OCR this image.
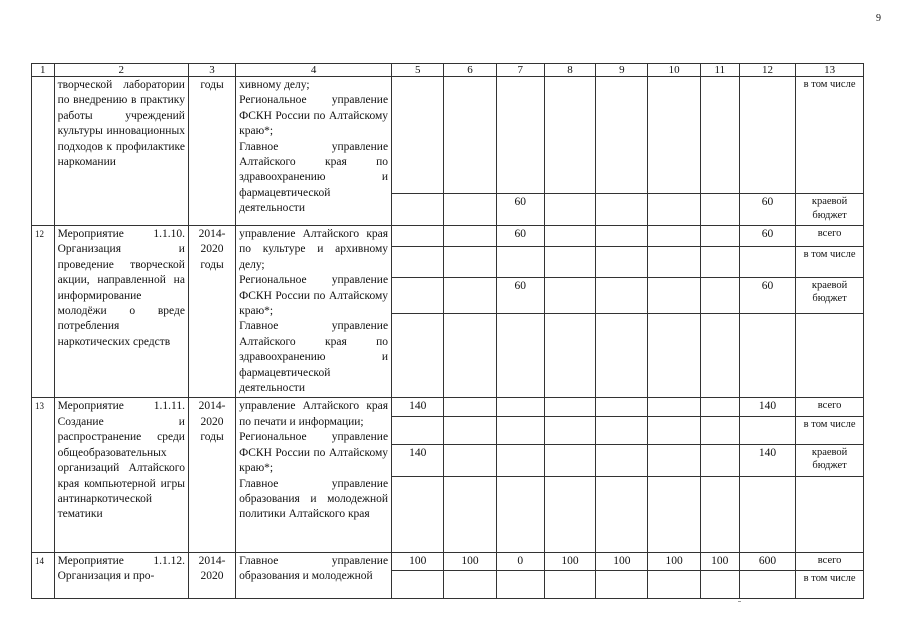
9
1	2	3	4	5	6	7	8	9	10	11	12	13
	творческой лаборатории по внедрению в практику работы учреждений культуры инновационных подходов к профилактике наркомании	годы	хивному делу;
Региональное управление ФСКН России по Алтайскому краю*;
Главное управление Алтайского края по здравоохранению и фармацевтической деятельности									в том числе
						60					60	краевой бюджет
12	Мероприятие 1.1.10. Организация и проведение творческой акции, направленной на информирование молодёжи о вреде потребления наркотических средств	2014-2020 годы	управление Алтайского края по культуре и архивному делу;
Региональное управление ФСКН России по Алтайскому краю*;
Главное управление Алтайского края по здравоохранению и фармацевтической деятельности			60					60	всего
												в том числе
						60					60	краевой бюджет

13	Мероприятие 1.1.11. Создание и распространение среди общеобразовательных организаций Алтайского края компьютерной игры антинаркотической тематики	2014-2020 годы	управление Алтайского края по печати и информации;
Региональное управление ФСКН России по Алтайскому краю*;
Главное управление образования и молодежной политики Алтайского края	140							140	всего
												в том числе
				140							140	краевой бюджет

14	Мероприятие 1.1.12. Организация и про-	2014-2020	Главное управление образования и молодежной	100	100	0	100	100	100	100	600	всего
												в том числе
